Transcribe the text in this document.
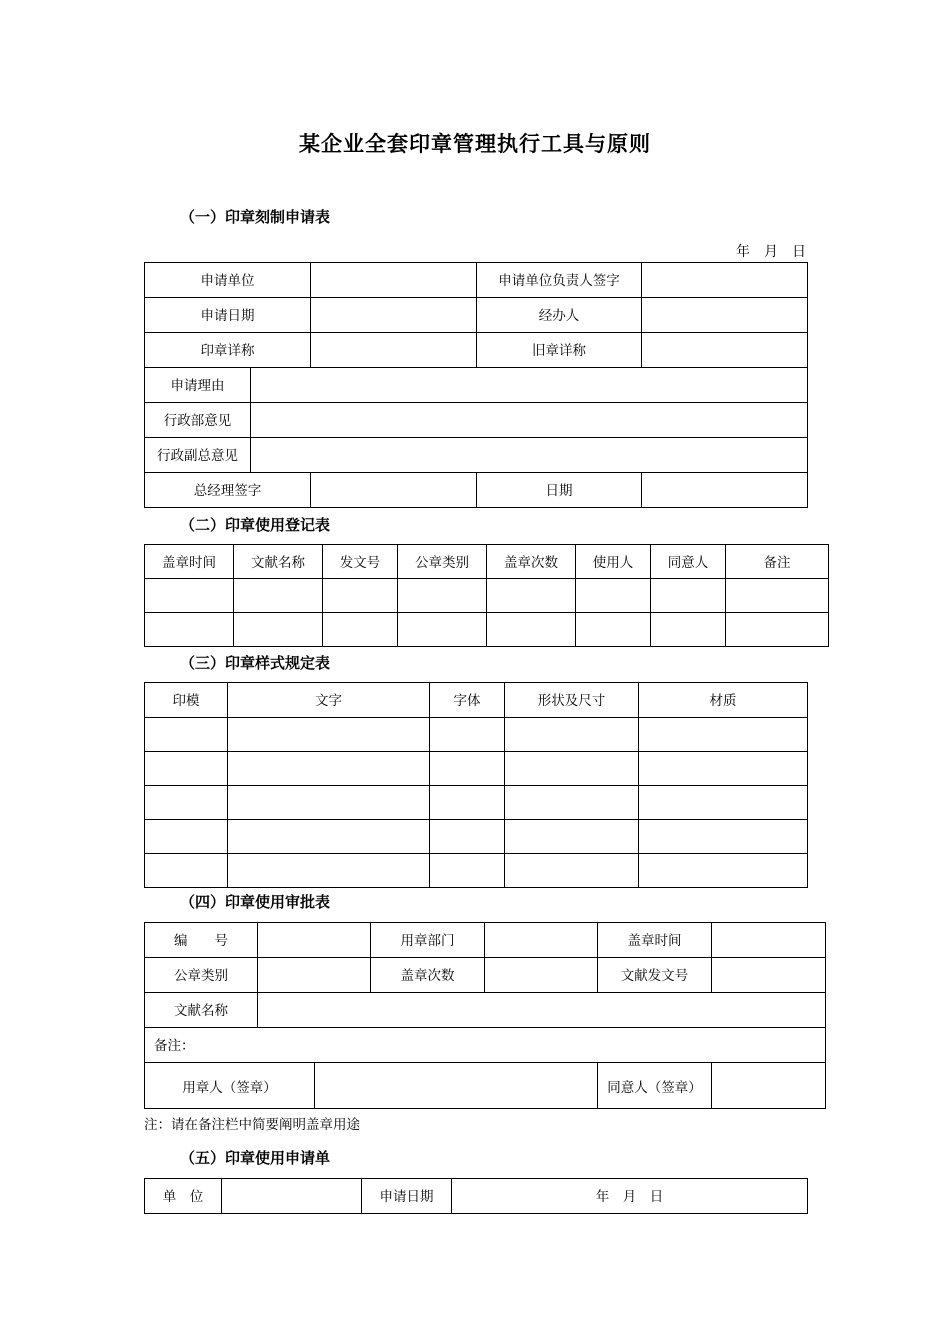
某企业全套印章管理执行工具与原则
（一）印章刻制申请表
年　月　日
申请单位			申请单位负责人签字	
申请日期			经办人	
印章详称			旧章详称	
申请理由				
行政部意见				
行政副总意见				
总经理签字			日期	
（二）印章使用登记表
盖章时间	文献名称	发文号	公章类别	盖章次数	使用人	同意人	备注

（三）印章样式规定表
印模	文字	字体	形状及尺寸	材质

（四）印章使用审批表
编　　号			用章部门		盖章时间	
公章类别			盖章次数		文献发文号	
文献名称						
备注：						
用章人（签章）					同意人（签章）	
注：请在备注栏中简要阐明盖章用途
（五）印章使用申请单
单　位		申请日期	年　月　日
